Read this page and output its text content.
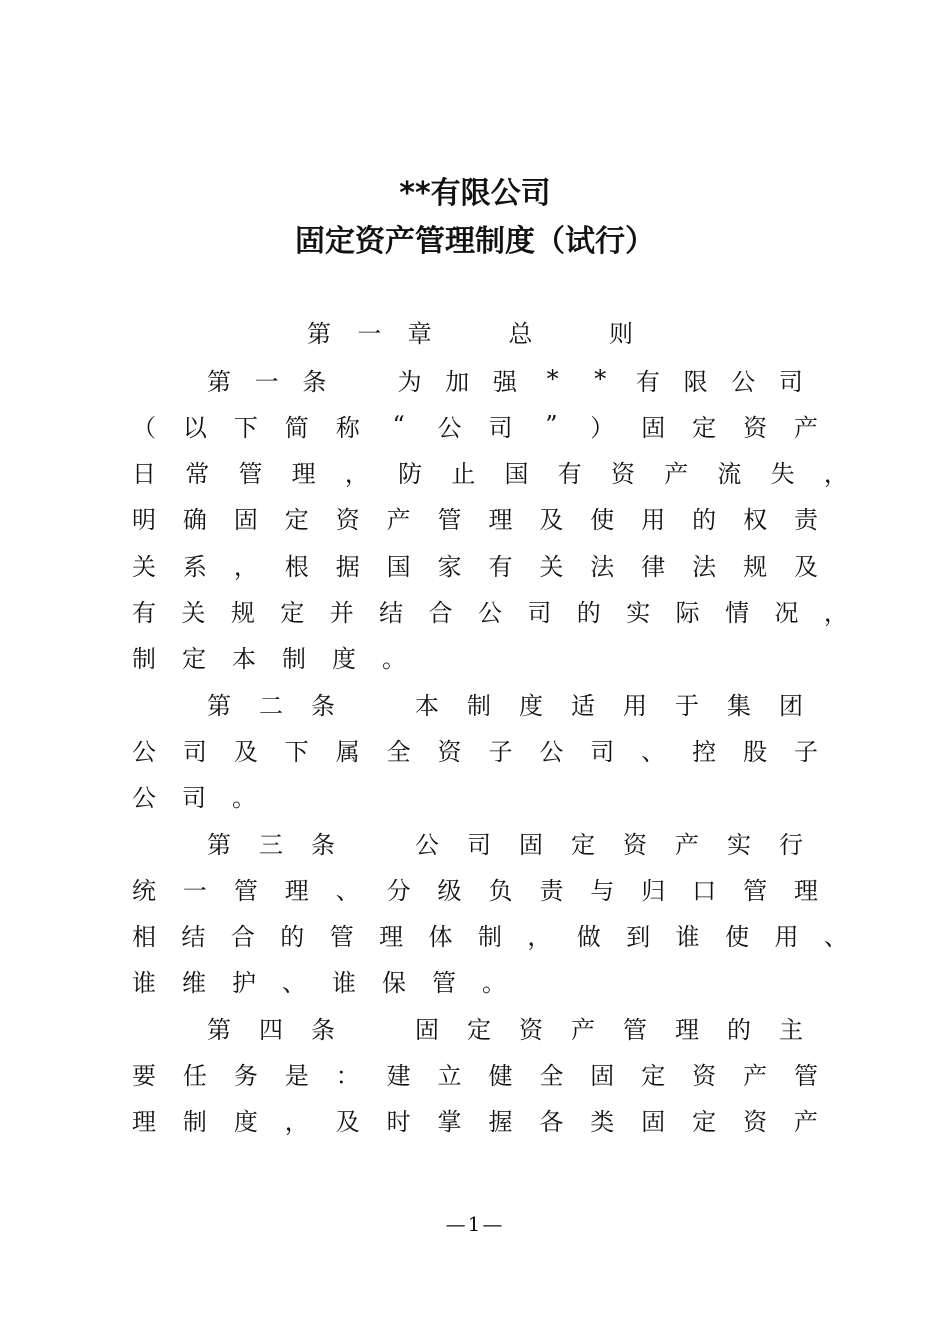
**有限公司
固定资产管理制度（试行）
第 一 章
　	总
　	则
第 一 条
　	为 加 强	*	*	有 限 公 司
（ 以 下 简 称	“	公 司	”	） 固 定 资 产
日 常 管 理 ， 防 止 国 有 资 产 流 失 ，
明 确 固 定 资 产 管 理 及 使 用 的 权 责
关 系 ， 根 据 国 家 有 关 法 律 法 规 及
有 关 规 定 并 结 合 公 司 的 实 际 情 况 ，
制 定 本 制 度 。
第 二 条
　	本 制 度 适 用 于 集 团
公 司 及 下 属 全 资 子 公 司 、 控 股 子
公 司 。
第 三 条
　	公 司 固 定 资 产 实 行
统 一 管 理 、 分 级 负 责 与 归 口 管 理
相 结 合 的 管 理 体 制 ， 做 到 谁 使 用 、
谁 维 护 、 谁 保 管 。
第 四 条
　	固 定 资 产 管 理 的 主
要 任 务 是 ： 建 立 健 全 固 定 资 产 管
理 制 度 ， 及 时 掌 握 各 类 固 定 资 产
—1—
